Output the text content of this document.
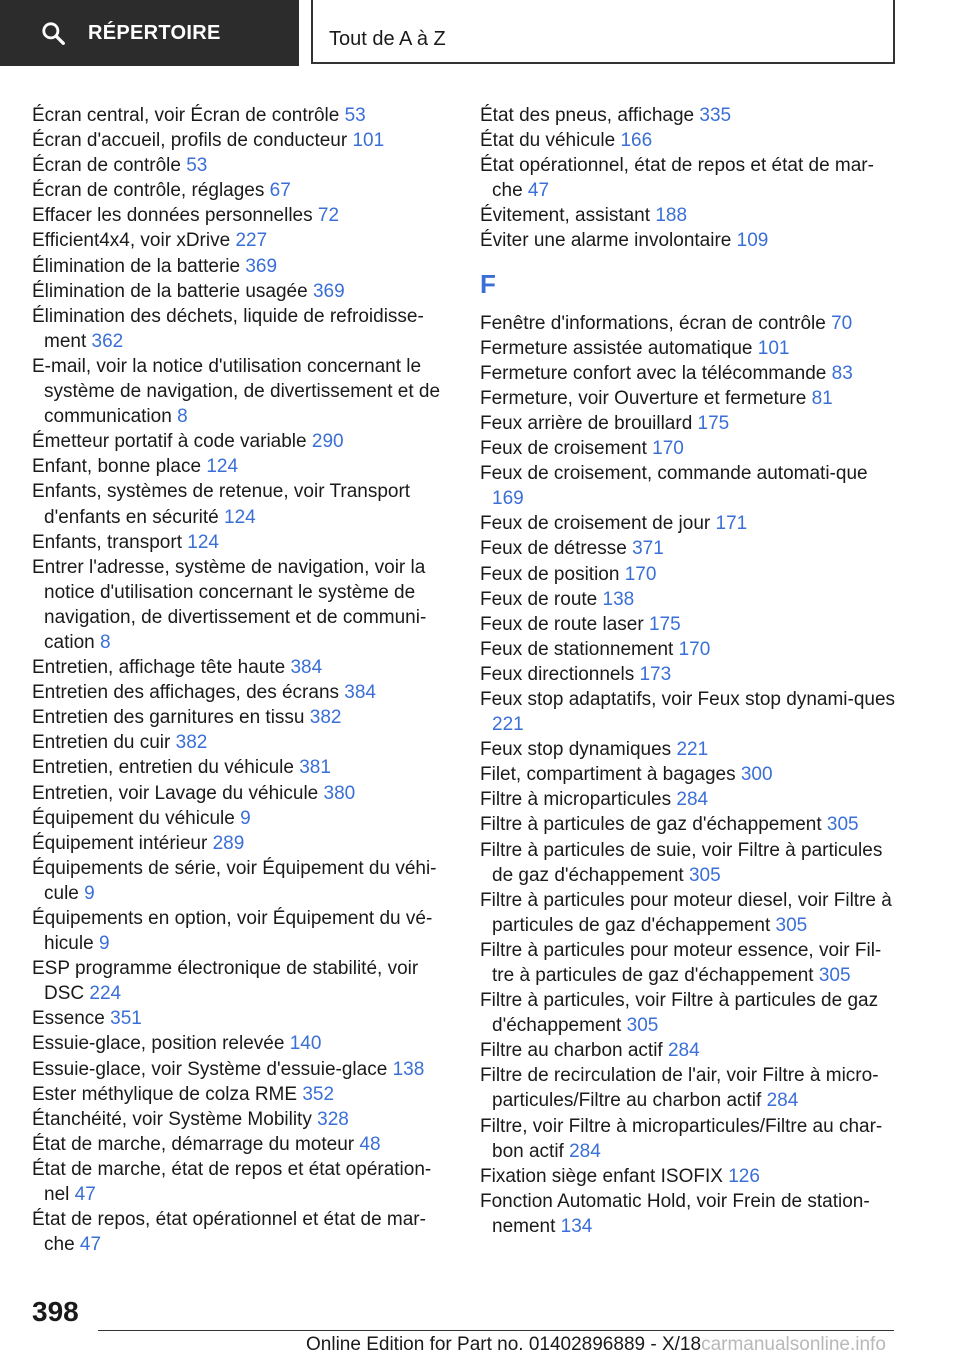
RÉPERTOIRE	Tout de A à Z
Écran central, voir Écran de contrôle 53
Écran d'accueil, profils de conducteur 101
Écran de contrôle 53
Écran de contrôle, réglages 67
Effacer les données personnelles 72
Efficient4x4, voir xDrive 227
Élimination de la batterie 369
Élimination de la batterie usagée 369
Élimination des déchets, liquide de refroidisse-ment 362
E-mail, voir la notice d'utilisation concernant le système de navigation, de divertissement et de communication 8
Émetteur portatif à code variable 290
Enfant, bonne place 124
Enfants, systèmes de retenue, voir Transport d'enfants en sécurité 124
Enfants, transport 124
Entrer l'adresse, système de navigation, voir la notice d'utilisation concernant le système de navigation, de divertissement et de communi-cation 8
Entretien, affichage tête haute 384
Entretien des affichages, des écrans 384
Entretien des garnitures en tissu 382
Entretien du cuir 382
Entretien, entretien du véhicule 381
Entretien, voir Lavage du véhicule 380
Équipement du véhicule 9
Équipement intérieur 289
Équipements de série, voir Équipement du véhi-cule 9
Équipements en option, voir Équipement du vé-hicule 9
ESP programme électronique de stabilité, voir DSC 224
Essence 351
Essuie-glace, position relevée 140
Essuie-glace, voir Système d'essuie-glace 138
Ester méthylique de colza RME 352
Étanchéité, voir Système Mobility 328
État de marche, démarrage du moteur 48
État de marche, état de repos et état opération-nel 47
État de repos, état opérationnel et état de mar-che 47
État des pneus, affichage 335
État du véhicule 166
État opérationnel, état de repos et état de mar-che 47
Évitement, assistant 188
Éviter une alarme involontaire 109
F
Fenêtre d'informations, écran de contrôle 70
Fermeture assistée automatique 101
Fermeture confort avec la télécommande 83
Fermeture, voir Ouverture et fermeture 81
Feux arrière de brouillard 175
Feux de croisement 170
Feux de croisement, commande automati-que 169
Feux de croisement de jour 171
Feux de détresse 371
Feux de position 170
Feux de route 138
Feux de route laser 175
Feux de stationnement 170
Feux directionnels 173
Feux stop adaptatifs, voir Feux stop dynami-ques 221
Feux stop dynamiques 221
Filet, compartiment à bagages 300
Filtre à microparticules 284
Filtre à particules de gaz d'échappement 305
Filtre à particules de suie, voir Filtre à particules de gaz d'échappement 305
Filtre à particules pour moteur diesel, voir Filtre à particules de gaz d'échappement 305
Filtre à particules pour moteur essence, voir Fil-tre à particules de gaz d'échappement 305
Filtre à particules, voir Filtre à particules de gaz d'échappement 305
Filtre au charbon actif 284
Filtre de recirculation de l'air, voir Filtre à micro-particules/Filtre au charbon actif 284
Filtre, voir Filtre à microparticules/Filtre au char-bon actif 284
Fixation siège enfant ISOFIX 126
Fonction Automatic Hold, voir Frein de station-nement 134
398
Online Edition for Part no. 01402896889 - X/18carmanualsonline.info
